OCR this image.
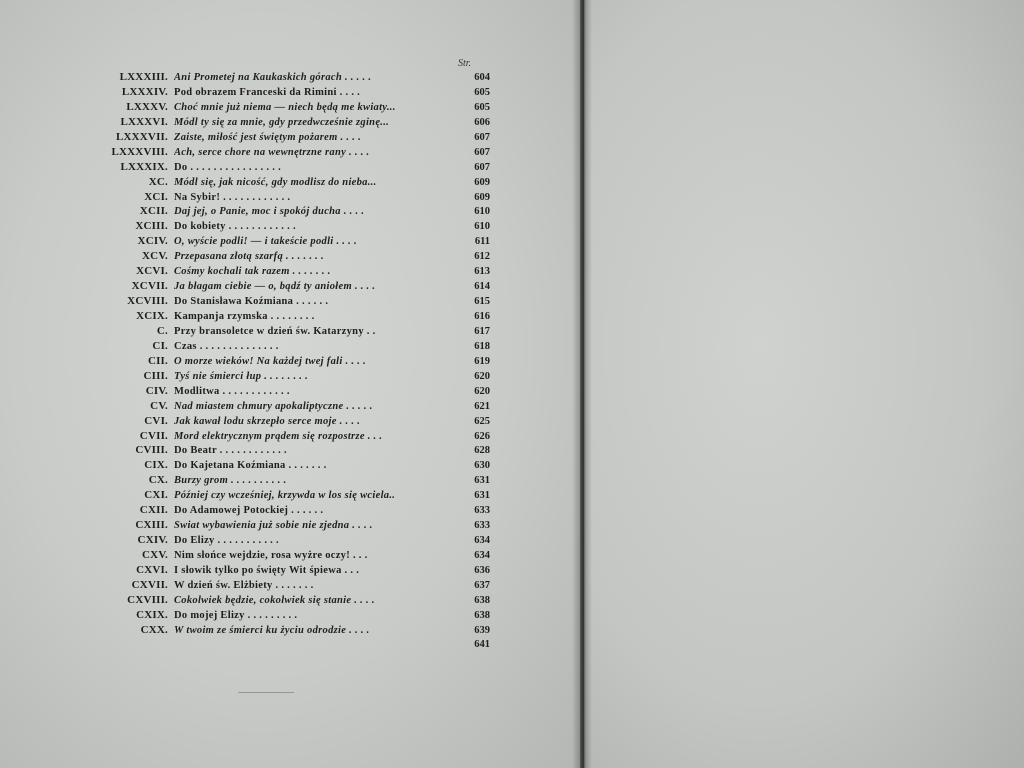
Str.
LXXXIII. Ani Prometej na Kaukaskich górach . . . . .	604
LXXXIV. Pod obrazem Franceski da Rimini . . . .	605
LXXXV. Choć mnie już niema — niech będą me kwiaty...	605
LXXXVI. Módl ty się za mnie, gdy przedwcześnie zginę...	606
LXXXVII. Zaiste, miłość jest świętym pożarem . . . .	607
LXXXVIII. Ach, serce chore na wewnętrzne rany . . . .	607
LXXXIX. Do . . . . . . . . . . . . . . . .	607
XC. Módl się, jak nicość, gdy modlisz do nieba...	609
XCI. Na Sybir! . . . . . . . . . . . .	609
XCII. Daj jej, o Panie, moc i spokój ducha . . . .	610
XCIII. Do kobiety . . . . . . . . . . . .	610
XCIV. O, wyście podli! — i takeście podli . . . .	611
XCV. Przepasana złotą szarfą . . . . . . .	612
XCVI. Cośmy kochali tak razem . . . . . . .	613
XCVII. Ja błagam ciebie — o, bądź ty aniołem . . . .	614
XCVIII. Do Stanisława Koźmiana . . . . . .	615
XCIX. Kampanja rzymska . . . . . . . .	616
C. Przy bransoletce w dzień św. Katarzyny . .	617
CI. Czas . . . . . . . . . . . . . .	618
CII. O morze wieków! Na każdej twej fali . . . .	619
CIII. Tyś nie śmierci łup . . . . . . . .	620
CIV. Modlitwa . . . . . . . . . . . .	620
CV. Nad miastem chmury apokaliptyczne . . . . .	621
CVI. Jak kawał lodu skrzepło serce moje . . . .	625
CVII. Mord elektrycznym prądem się rozpostrze . . .	626
CVIII. Do Beatr . . . . . . . . . . . .	628
CIX. Do Kajetana Koźmiana . . . . . . .	630
CX. Burzy grom . . . . . . . . . .	631
CXI. Później czy wcześniej, krzywda w los się wciela..	631
CXII. Do Adamowej Potockiej . . . . . .	633
CXIII. Świat wybawienia już sobie nie zjedna . . . .	633
CXIV. Do Elizy . . . . . . . . . . .	634
CXV. Nim słońce wejdzie, rosa wyżre oczy! . . .	634
CXVI. I słowik tylko po święty Wit śpiewa . . .	636
CXVII. W dzień św. Elżbiety . . . . . . .	637
CXVIII. Cokolwiek będzie, cokolwiek się stanie . . . .	638
CXIX. Do mojej Elizy . . . . . . . . .	638
CXX. W twoim ze śmierci ku życiu odrodzie . . . .	639
641
